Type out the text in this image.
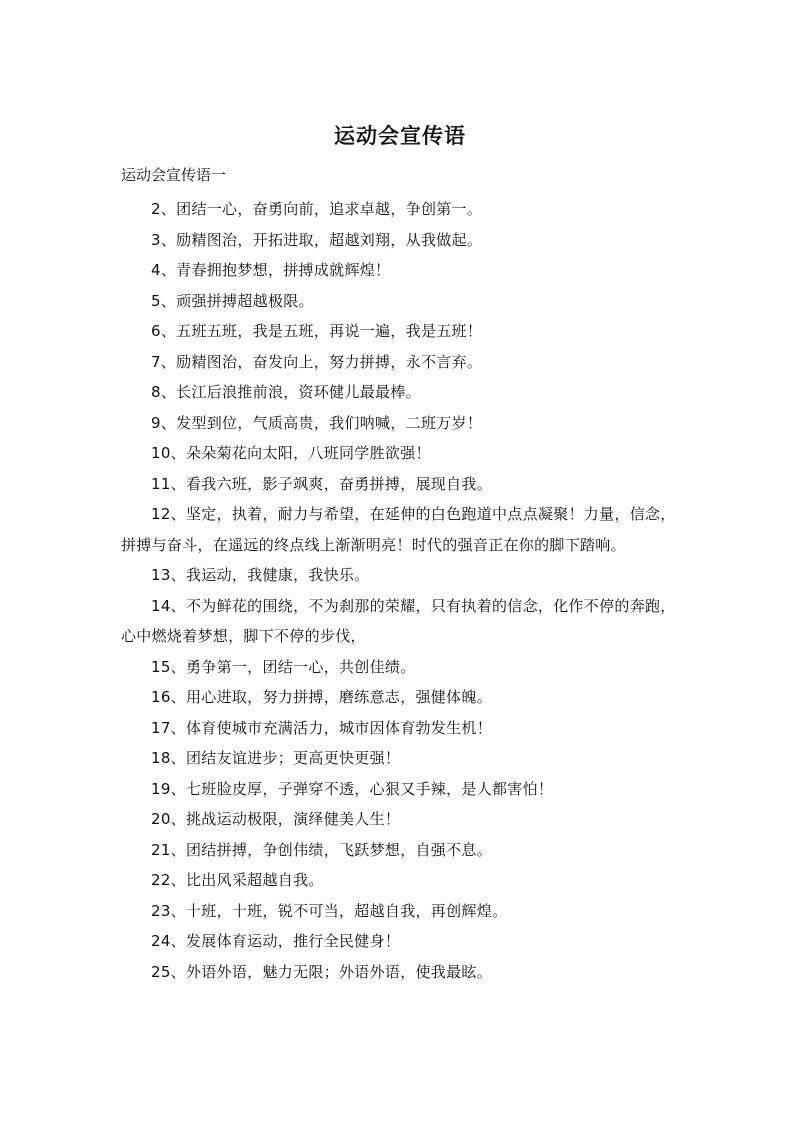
运动会宣传语

运动会宣传语一

2、团结一心，奋勇向前，追求卓越，争创第一。

3、励精图治，开拓进取，超越刘翔，从我做起。

4、青春拥抱梦想，拼搏成就辉煌！

5、顽强拼搏超越极限。

6、五班五班，我是五班，再说一遍，我是五班！

7、励精图治，奋发向上，努力拼搏，永不言弃。

8、长江后浪推前浪，资环健儿最最棒。

9、发型到位，气质高贵，我们呐喊，二班万岁！

10、朵朵菊花向太阳，八班同学胜欲强！

11、看我六班，影子飒爽，奋勇拼搏，展现自我。

12、坚定，执着，耐力与希望，在延伸的白色跑道中点点凝聚！力量，信念，拼搏与奋斗，在遥远的终点线上渐渐明亮！时代的强音正在你的脚下踏响。

13、我运动，我健康，我快乐。

14、不为鲜花的围绕，不为刹那的荣耀，只有执着的信念，化作不停的奔跑，心中燃烧着梦想，脚下不停的步伐，

15、勇争第一，团结一心，共创佳绩。

16、用心进取，努力拼搏，磨练意志，强健体魄。

17、体育使城市充满活力，城市因体育勃发生机！

18、团结友谊进步；更高更快更强！

19、七班脸皮厚，子弹穿不透，心狠又手辣，是人都害怕！

20、挑战运动极限，演绎健美人生！

21、团结拼搏，争创伟绩，飞跃梦想，自强不息。

22、比出风采超越自我。

23、十班，十班，锐不可当，超越自我，再创辉煌。

24、发展体育运动，推行全民健身！

25、外语外语，魅力无限；外语外语，使我最眩。
